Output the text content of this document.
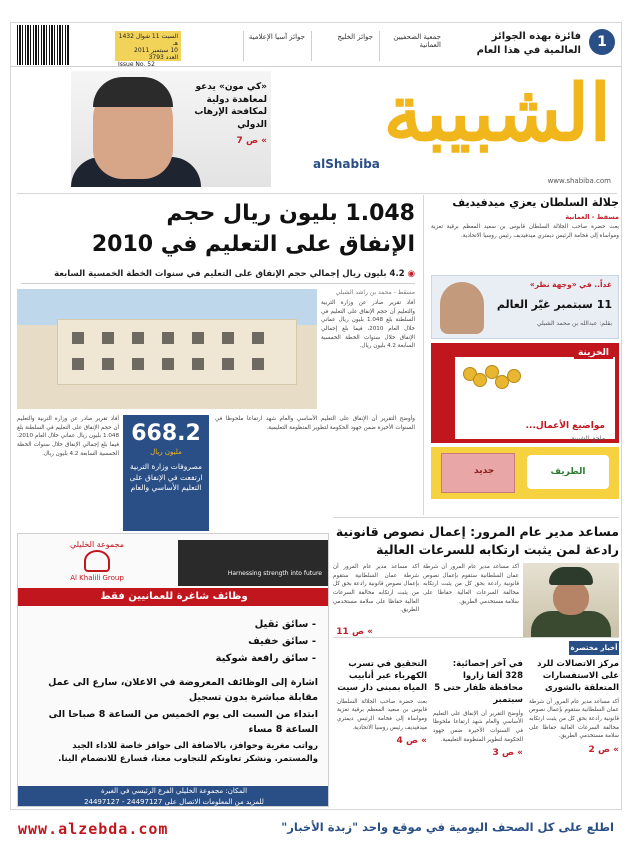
1
فائزة بهذه الجوائز
العالمية في هذا العام
جمعية الصحفيين العمانية
جوائز الخليج
جوائز آسيا الإعلامية
السبت 11 شوال 1432 هـ
10 سبتمبر 2011
العدد 3793
Issue No. 52
الشبيبة
alShabiba
www.shabiba.com
«كي مون» يدعو لمعاهدة دولية لمكافحة الإرهاب الدولي
» ص 7
1.048 بليون ريال حجم
الإنفاق على التعليم في 2010
◉ 4.2 بليون ريال إجمالي حجم الإنفاق على التعليم في سنوات الخطة الخمسية السابعة
مسقط - محمد بن راشد الشبلي
أفاد تقرير صادر عن وزارة التربية والتعليم أن حجم الإنفاق على التعليم في السلطنة بلغ 1.048 بليون ريال عماني خلال العام 2010، فيما بلغ إجمالي الإنفاق خلال سنوات الخطة الخمسية السابعة 4.2 بليون ريال.
668.2
مليون ريال
مصروفات وزارة التربية ارتفعت في الإنفاق على التعليم الأساسي والعام
وأوضح التقرير أن الإنفاق على التعليم الأساسي والعام شهد ارتفاعا ملحوظا في السنوات الأخيرة ضمن جهود الحكومة لتطوير المنظومة التعليمية.
أفاد تقرير صادر عن وزارة التربية والتعليم أن حجم الإنفاق على التعليم في السلطنة بلغ 1.048 بليون ريال عماني خلال العام 2010، فيما بلغ إجمالي الإنفاق خلال سنوات الخطة الخمسية السابعة 4.2 بليون ريال.
جلالة السلطان يعزي ميدفيديف
مسقط - العمانية
بعث حضرة صاحب الجلالة السلطان قابوس بن سعيد المعظم برقية تعزية ومواساة إلى فخامة الرئيس ديمتري ميدفيديف رئيس روسيا الاتحادية.
غداً.. في «وجهة نظر»
11 سبتمبر غيّر العالم
بقلم: عبدالله بن محمد الشبلي
مواضيع الأعمال...
ملحق الشبيبة
الخزينة
جديد	الطريف
مساعد مدير عام المرور: إعمال نصوص قانونية
رادعة لمن يثبت ارتكابه للسرعات العالية
أكد مساعد مدير عام المرور أن شرطة عمان السلطانية ستقوم بإعمال نصوص قانونية رادعة بحق كل من يثبت ارتكابه مخالفة السرعات العالية حفاظا على سلامة مستخدمي الطريق.
أكد مساعد مدير عام المرور أن شرطة عمان السلطانية ستقوم بإعمال نصوص قانونية رادعة بحق كل من يثبت ارتكابه مخالفة السرعات العالية حفاظا على سلامة مستخدمي الطريق.
» ص 11
أخبار مختصرة
مركز الاتصالات للرد على الاستفسارات المتعلقة بالشورى
أكد مساعد مدير عام المرور أن شرطة عمان السلطانية ستقوم بإعمال نصوص قانونية رادعة بحق كل من يثبت ارتكابه مخالفة السرعات العالية حفاظا على سلامة مستخدمي الطريق.
» ص 2
في آخر إحصائية: 328 ألفا زاروا محافظة ظفار حتى 5 سبتمبر
وأوضح التقرير أن الإنفاق على التعليم الأساسي والعام شهد ارتفاعا ملحوظا في السنوات الأخيرة ضمن جهود الحكومة لتطوير المنظومة التعليمية.
» ص 3
التحقيق في تسرب الكهرباء عبر أنابيب المياه بمبنى دار سيت
بعث حضرة صاحب الجلالة السلطان قابوس بن سعيد المعظم برقية تعزية ومواساة إلى فخامة الرئيس ديمتري ميدفيديف رئيس روسيا الاتحادية.
» ص 4
Harnessing strength into future
مجموعة الخليلي
Al Khalili Group
وظائف شاغرة للعمانيين فقط
- سائق ثقيل
- سائق خفيف
- سائق رافعة شوكية
اشارة إلى الوظائف المعروضة في الاعلان، سارع الى عمل مقابلة مباشرة بدون تسجيل
ابتداء من السبت الى يوم الخميس من الساعة 8 صباحا الى الساعة 8 مساء
رواتب مغرية وحوافز، بالاضافة الى حوافز خاصة للاداء الجيد والمستمر. ونشكر تعاونكم للتجاوب معنا، فسارع للانضمام الينا.
المكان: مجموعة الخليلي الفرع الرئيسي في الغبرة
للمزيد من المعلومات الاتصال على 24497127 - 24497127
www.alzebda.com	اطلع على كل الصحف اليومية في موقع واحد "زبدة الأخبار"
